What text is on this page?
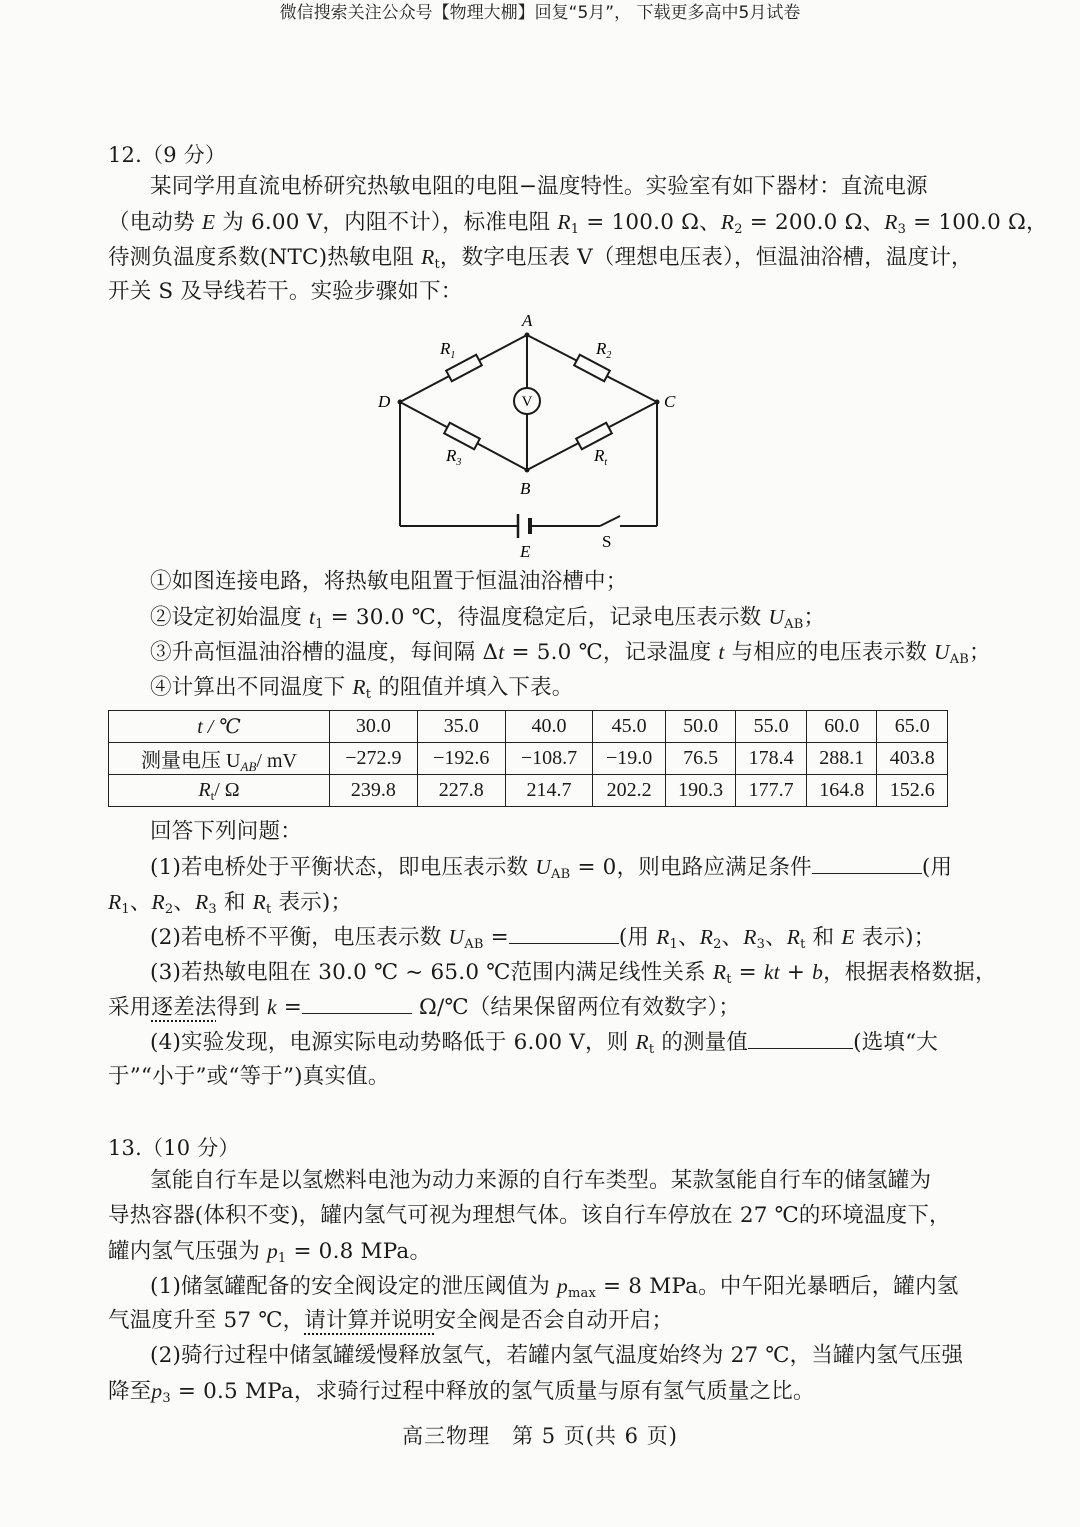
微信搜索关注公众号【物理大棚】回复“5月”， 下载更多高中5月试卷
12.（9 分）
某同学用直流电桥研究热敏电阻的电阻−温度特性。实验室有如下器材：直流电源
（电动势 E 为 6.00 V，内阻不计），标准电阻 $R_1 = 100.0$ Ω、$R_2 = 200.0$ Ω、$R_3 = 100.0$ Ω，
待测负温度系数(NTC)热敏电阻 $R_t$，数字电压表 V（理想电压表），恒温油浴槽，温度计，
开关 S 及导线若干。实验步骤如下：
V
A
B
C
D
$R_1$	$R_2$
$R_3$	$R_t$
E
S
①如图连接电路，将热敏电阻置于恒温油浴槽中；
②设定初始温度 $t_1 = 30.0$ ℃，待温度稳定后，记录电压表示数 $U_{AB}$；
③升高恒温油浴槽的温度，每间隔 Δt = 5.0 ℃，记录温度 t 与相应的电压表示数 $U_{AB}$；
④计算出不同温度下 $R_t$ 的阻值并填入下表。
t / ℃	30.0	35.0	40.0	45.0	50.0	55.0	60.0	65.0
测量电压 $U_{AB}/$ mV	−272.9	−192.6	−108.7	−19.0	76.5	178.4	288.1	403.8
$R_t/$ Ω	239.8	227.8	214.7	202.2	190.3	177.7	164.8	152.6
回答下列问题：
(1)若电桥处于平衡状态，即电压表示数 $U_{AB} = 0$，则电路应满足条件	(用
$R_1$、$R_2$、$R_3$ 和 $R_t$ 表示)；
(2)若电桥不平衡，电压表示数 $U_{AB}$ =	(用 $R_1$、$R_2$、$R_3$、$R_t$ 和 E 表示)；
(3)若热敏电阻在 30.0 ℃ ~ 65.0 ℃范围内满足线性关系 $R_t$ = kt + b，根据表格数据，
采用逐差法得到 k =	Ω/℃（结果保留两位有效数字）；
(4)实验发现，电源实际电动势略低于 6.00 V，则 $R_t$ 的测量值	(选填“大
于”“小于”或“等于”)真实值。
13.（10 分）
氢能自行车是以氢燃料电池为动力来源的自行车类型。某款氢能自行车的储氢罐为
导热容器(体积不变)，罐内氢气可视为理想气体。该自行车停放在 27 ℃的环境温度下，
罐内氢气压强为 $p_1 = 0.8$ MPa。
(1)储氢罐配备的安全阀设定的泄压阈值为 $p_{max} = 8$ MPa。中午阳光暴晒后，罐内氢
气温度升至 57 ℃，请计算并说明安全阀是否会自动开启；
(2)骑行过程中储氢罐缓慢释放氢气，若罐内氢气温度始终为 27 ℃，当罐内氢气压强
降至$p_3 = 0.5$ MPa，求骑行过程中释放的氢气质量与原有氢气质量之比。
高三物理　第 5 页(共 6 页)
